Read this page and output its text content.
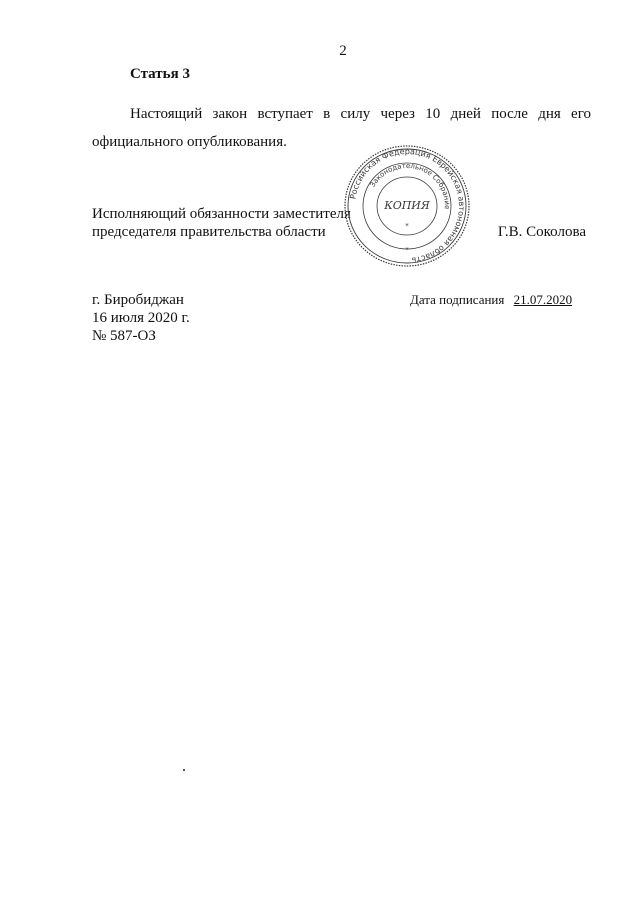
2
Статья 3
Настоящий закон вступает в силу через 10 дней после дня его
официального опубликования.
Исполняющий обязанности заместителя
председателя правительства области	Г.В. Соколова
Российская Федерация Еврейская автономная область
Законодательное Собрание
КОПИЯ
*
*
г. Биробиджан
16 июля 2020 г.
№ 587-ОЗ
Дата подписания 21.07.2020
